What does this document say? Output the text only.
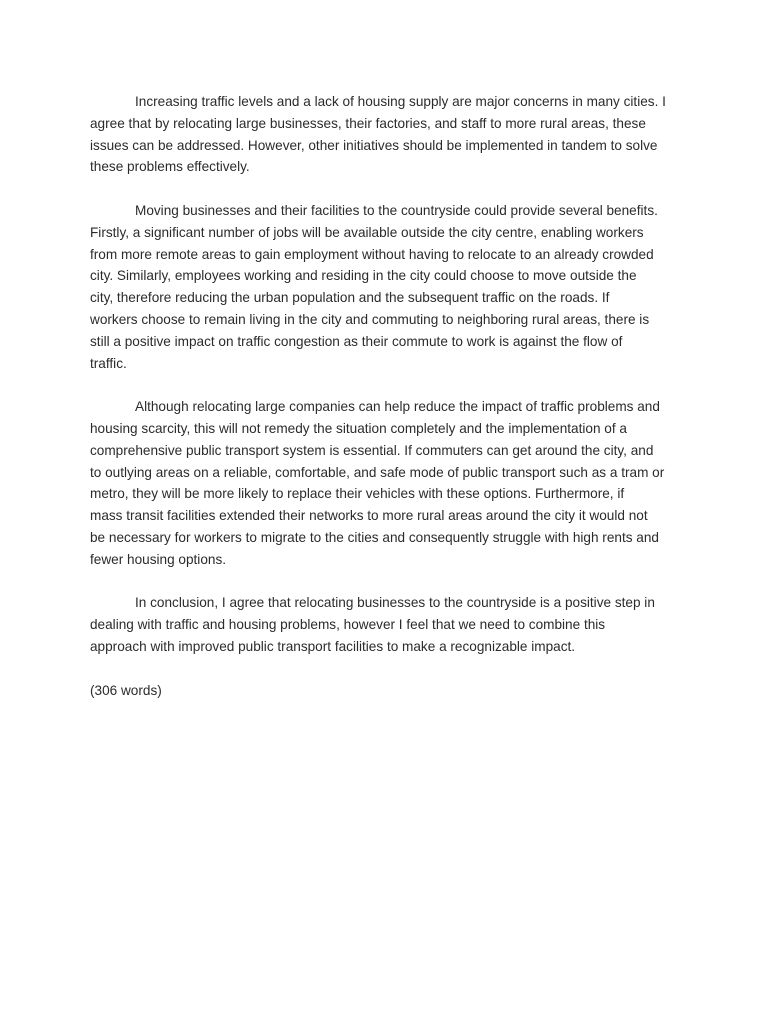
Increasing traffic levels and a lack of housing supply are major concerns in many cities. I
agree that by relocating large businesses, their factories, and staff to more rural areas, these
issues can be addressed. However, other initiatives should be implemented in tandem to solve
these problems effectively.

Moving businesses and their facilities to the countryside could provide several benefits.
Firstly, a significant number of jobs will be available outside the city centre, enabling workers
from more remote areas to gain employment without having to relocate to an already crowded
city. Similarly, employees working and residing in the city could choose to move outside the
city, therefore reducing the urban population and the subsequent traffic on the roads. If
workers choose to remain living in the city and commuting to neighboring rural areas, there is
still a positive impact on traffic congestion as their commute to work is against the flow of
traffic.

Although relocating large companies can help reduce the impact of traffic problems and
housing scarcity, this will not remedy the situation completely and the implementation of a
comprehensive public transport system is essential. If commuters can get around the city, and
to outlying areas on a reliable, comfortable, and safe mode of public transport such as a tram or
metro, they will be more likely to replace their vehicles with these options. Furthermore, if
mass transit facilities extended their networks to more rural areas around the city it would not
be necessary for workers to migrate to the cities and consequently struggle with high rents and
fewer housing options.

In conclusion, I agree that relocating businesses to the countryside is a positive step in
dealing with traffic and housing problems, however I feel that we need to combine this
approach with improved public transport facilities to make a recognizable impact.

(306 words)
